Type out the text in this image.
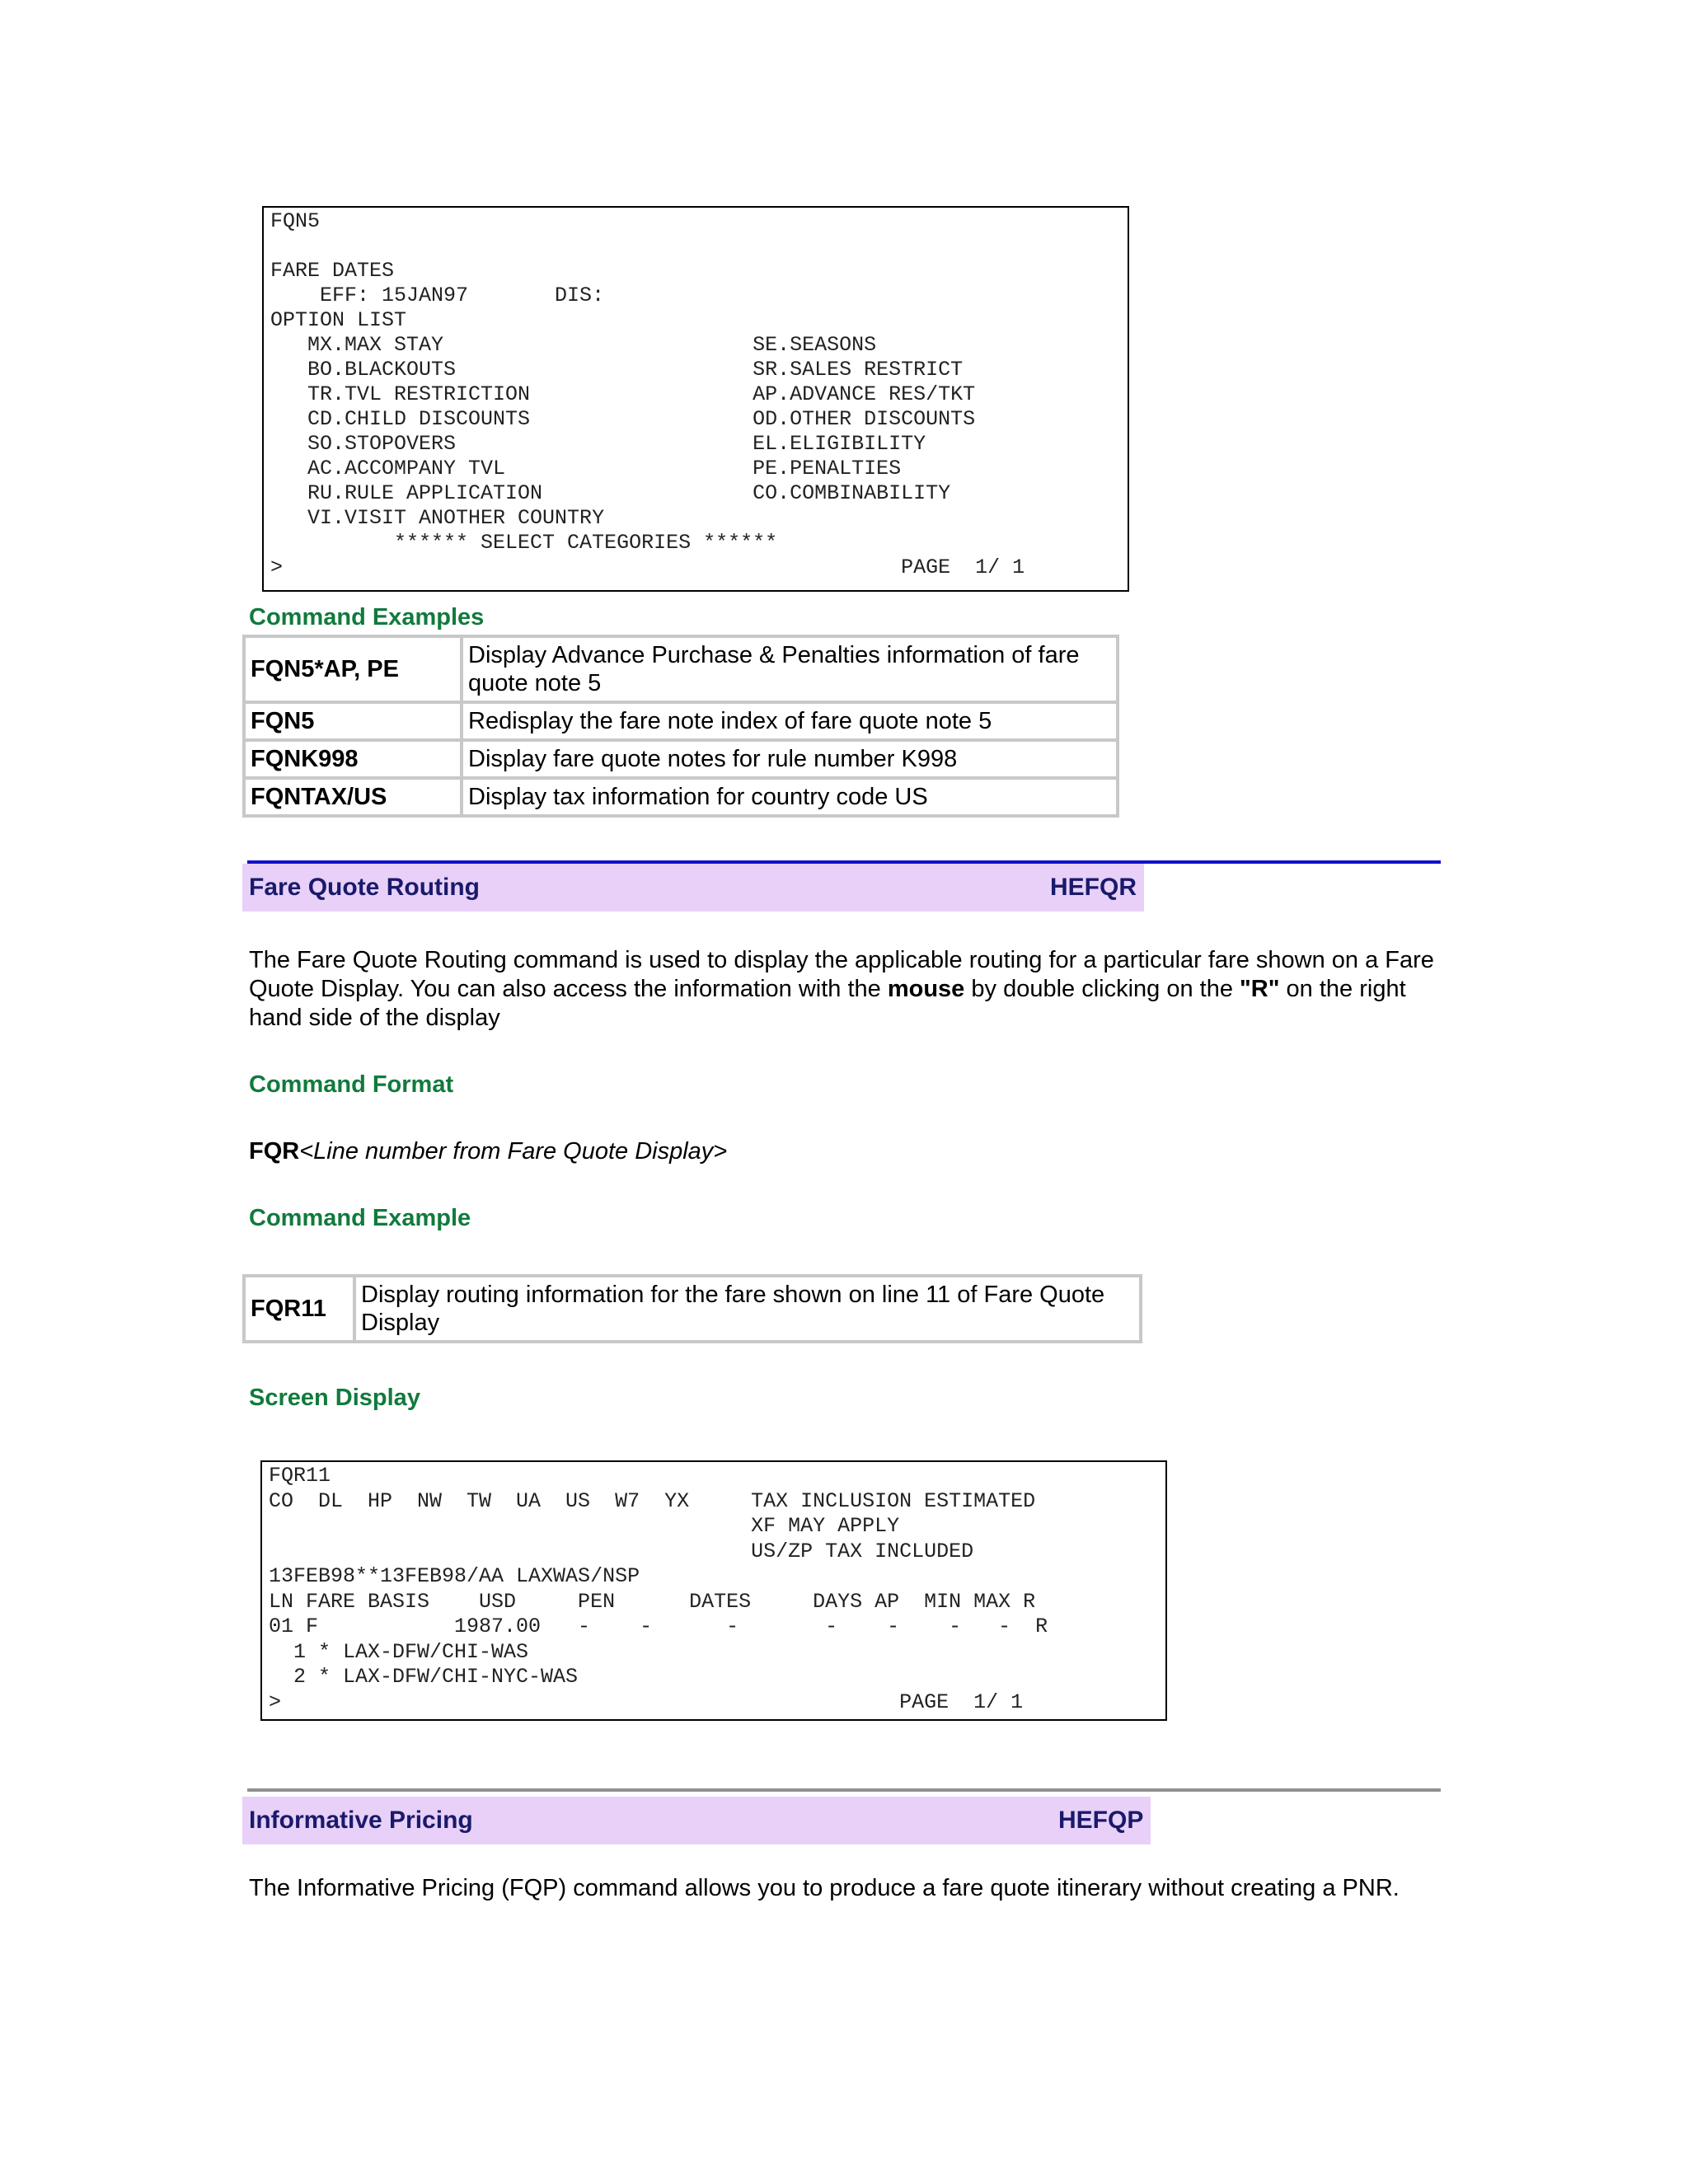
FQN5
FARE DATES
EFF: 15JAN97       DIS:
OPTION LIST
MX.MAX STAY                         SE.SEASONS
BO.BLACKOUTS                        SR.SALES RESTRICT
TR.TVL RESTRICTION                  AP.ADVANCE RES/TKT
CD.CHILD DISCOUNTS                  OD.OTHER DISCOUNTS
SO.STOPOVERS                        EL.ELIGIBILITY
AC.ACCOMPANY TVL                    PE.PENALTIES
RU.RULE APPLICATION                 CO.COMBINABILITY
VI.VISIT ANOTHER COUNTRY
****** SELECT CATEGORIES ******
>                                                  PAGE  1/ 1
Command Examples
FQN5*AP, PE	Display Advance Purchase & Penalties information of fare quote note 5
FQN5	Redisplay the fare note index of fare quote note 5
FQNK998	Display fare quote notes for rule number K998
FQNTAX/US	Display tax information for country code US
Fare Quote Routing	HEFQR
The Fare Quote Routing command is used to display the applicable routing for a particular fare shown on a Fare Quote Display. You can also access the information with the mouse by double clicking on the "R" on the right hand side of the display
Command Format
FQR<Line number from Fare Quote Display>
Command Example
FQR11	Display routing information for the fare shown on line 11 of Fare Quote Display
Screen Display
FQR11
CO  DL  HP  NW  TW  UA  US  W7  YX     TAX INCLUSION ESTIMATED
XF MAY APPLY
US/ZP TAX INCLUDED
13FEB98**13FEB98/AA LAXWAS/NSP
LN FARE BASIS    USD     PEN      DATES     DAYS AP  MIN MAX R
01 F           1987.00   -    -      -       -    -    -   -  R
1 * LAX-DFW/CHI-WAS
2 * LAX-DFW/CHI-NYC-WAS
>                                                  PAGE  1/ 1
Informative Pricing	HEFQP
The Informative Pricing (FQP) command allows you to produce a fare quote itinerary without creating a PNR.
